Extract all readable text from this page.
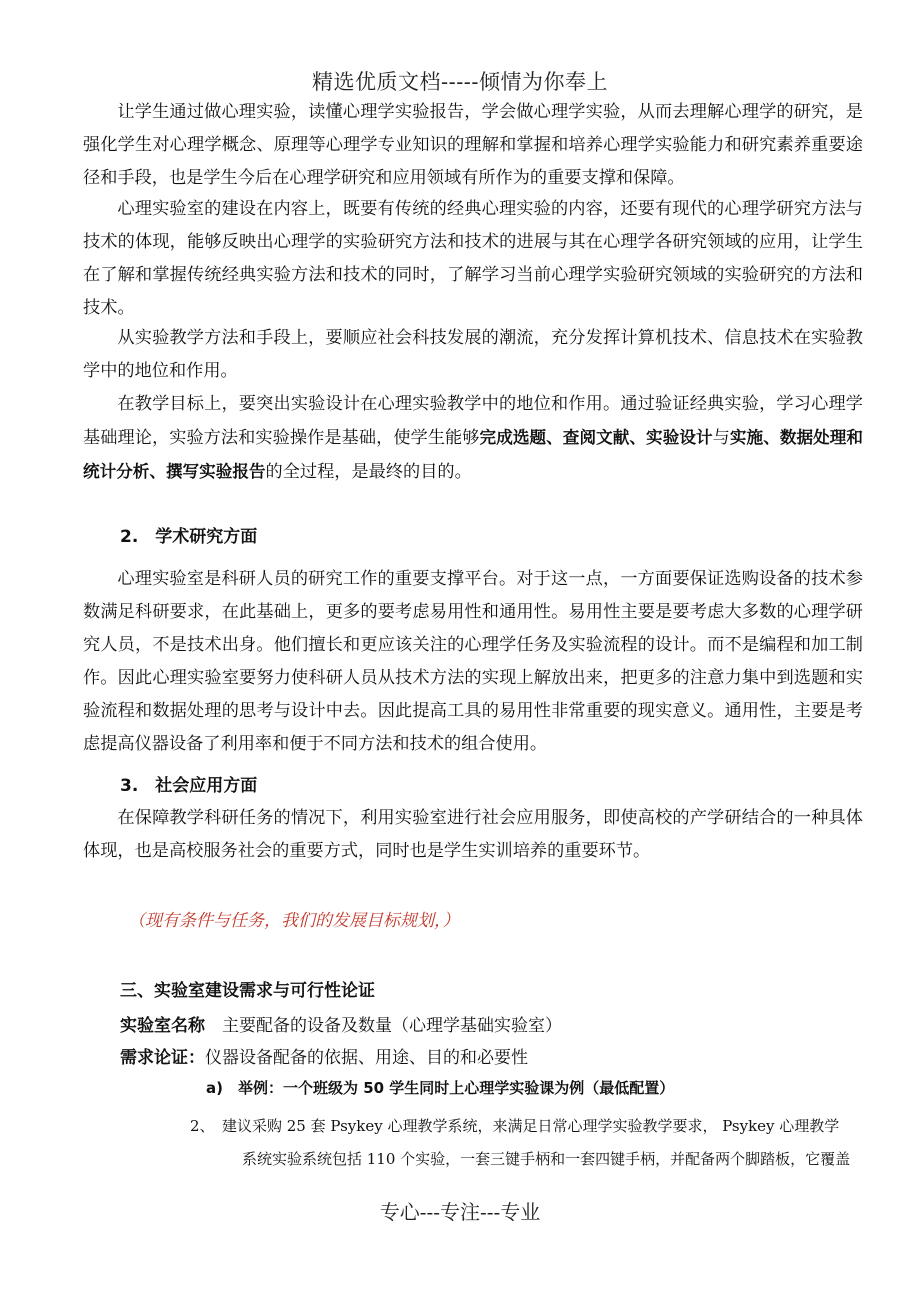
精选优质文档-----倾情为你奉上

让学生通过做心理实验，读懂心理学实验报告，学会做心理学实验，从而去理解心理学的研究，是强化学生对心理学概念、原理等心理学专业知识的理解和掌握和培养心理学实验能力和研究素养重要途径和手段，也是学生今后在心理学研究和应用领域有所作为的重要支撑和保障。

心理实验室的建设在内容上，既要有传统的经典心理实验的内容，还要有现代的心理学研究方法与技术的体现，能够反映出心理学的实验研究方法和技术的进展与其在心理学各研究领域的应用，让学生在了解和掌握传统经典实验方法和技术的同时，了解学习当前心理学实验研究领域的实验研究的方法和技术。

从实验教学方法和手段上，要顺应社会科技发展的潮流，充分发挥计算机技术、信息技术在实验教学中的地位和作用。

在教学目标上，要突出实验设计在心理实验教学中的地位和作用。通过验证经典实验，学习心理学基础理论，实验方法和实验操作是基础，使学生能够完成选题、查阅文献、实验设计与实施、数据处理和统计分析、撰写实验报告的全过程，是最终的目的。

2.　学术研究方面

心理实验室是科研人员的研究工作的重要支撑平台。对于这一点，一方面要保证选购设备的技术参数满足科研要求，在此基础上，更多的要考虑易用性和通用性。易用性主要是要考虑大多数的心理学研究人员，不是技术出身。他们擅长和更应该关注的心理学任务及实验流程的设计。而不是编程和加工制作。因此心理实验室要努力使科研人员从技术方法的实现上解放出来，把更多的注意力集中到选题和实验流程和数据处理的思考与设计中去。因此提高工具的易用性非常重要的现实意义。通用性，主要是考虑提高仪器设备了利用率和便于不同方法和技术的组合使用。

3.　社会应用方面

在保障教学科研任务的情况下，利用实验室进行社会应用服务，即使高校的产学研结合的一种具体体现，也是高校服务社会的重要方式，同时也是学生实训培养的重要环节。

（现有条件与任务，我们的发展目标规划，）
三、实验室建设需求与可行性论证
实验室名称　主要配备的设备及数量（心理学基础实验室）
需求论证：仪器设备配备的依据、用途、目的和必要性
a)　举例：一个班级为 50 学生同时上心理学实验课为例（最低配置）
2、 建议采购 25 套 Psykey 心理教学系统，来满足日常心理学实验教学要求， Psykey 心理教学
系统实验系统包括 110 个实验，一套三键手柄和一套四键手柄，并配备两个脚踏板，它覆盖
专心---专注---专业
